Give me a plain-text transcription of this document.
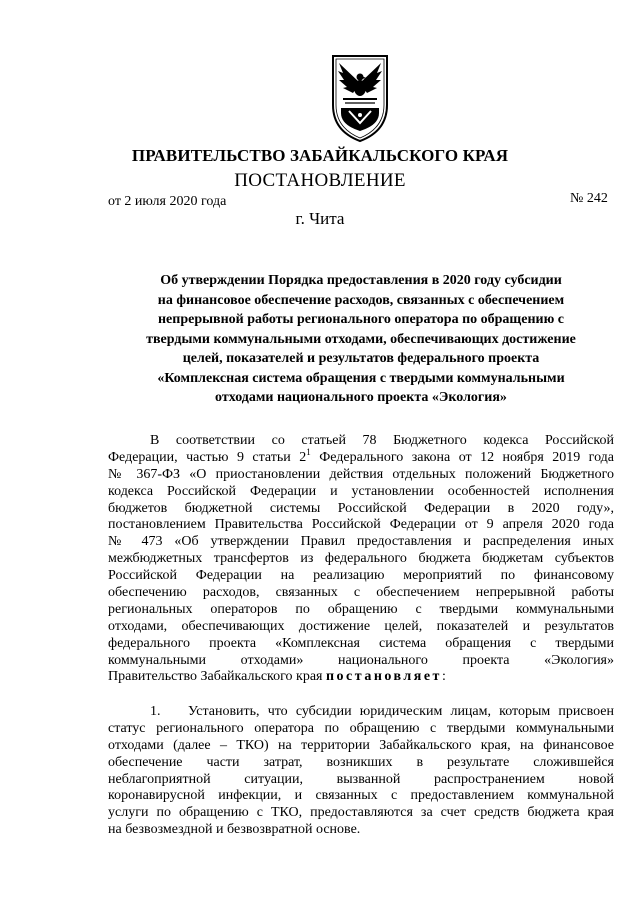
ПРАВИТЕЛЬСТВО ЗАБАЙКАЛЬСКОГО КРАЯ
ПОСТАНОВЛЕНИЕ
от 2 июля 2020 года	№ 242
г. Чита
Об утверждении Порядка предоставления в 2020 году субсидии
на финансовое обеспечение расходов, связанных с обеспечением
непрерывной работы регионального оператора по обращению с
твердыми коммунальными отходами, обеспечивающих достижение
целей, показателей и результатов федерального проекта
«Комплексная система обращения с твердыми коммунальными
отходами национального проекта «Экология»
В соответствии со статьей 78 Бюджетного кодекса Российской
Федерации, частью 9 статьи $2^1$ Федерального закона от 12 ноября 2019 года
№ 367-ФЗ «О приостановлении действия отдельных положений Бюджетного
кодекса Российской Федерации и установлении особенностей исполнения
бюджетов бюджетной системы Российской Федерации в 2020 году»,
постановлением Правительства Российской Федерации от 9 апреля 2020 года
№ 473 «Об утверждении Правил предоставления и распределения иных
межбюджетных трансфертов из федерального бюджета бюджетам субъектов
Российской Федерации на реализацию мероприятий по финансовому
обеспечению расходов, связанных с обеспечением непрерывной работы
региональных операторов по обращению с твердыми коммунальными
отходами, обеспечивающих достижение целей, показателей и результатов
федерального проекта «Комплексная система обращения с твердыми
коммунальными отходами» национального проекта «Экология»
Правительство Забайкальского края постановляет:
1. Установить, что субсидии юридическим лицам, которым присвоен
статус регионального оператора по обращению с твердыми коммунальными
отходами (далее – ТКО) на территории Забайкальского края, на финансовое
обеспечение части затрат, возникших в результате сложившейся
неблагоприятной ситуации, вызванной распространением новой
коронавирусной инфекции, и связанных с предоставлением коммунальной
услуги по обращению с ТКО, предоставляются за счет средств бюджета края
на безвозмездной и безвозвратной основе.
